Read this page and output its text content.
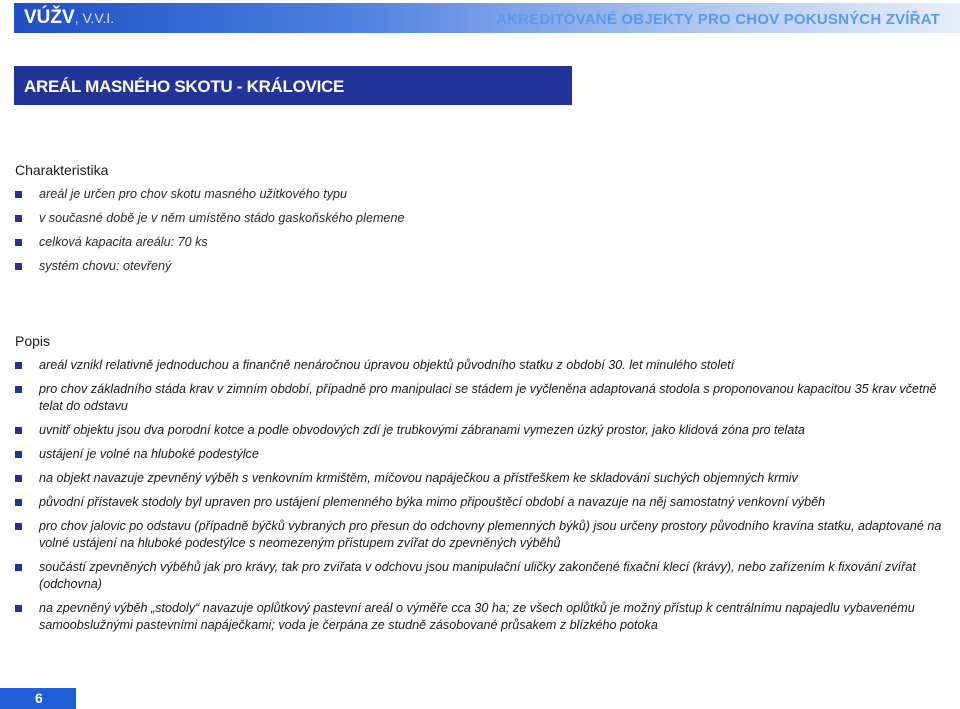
VÚŽV, V.V.I.	AKREDITOVANÉ OBJEKTY PRO CHOV POKUSNÝCH ZVÍŘAT
AREÁL MASNÉHO SKOTU - KRÁLOVICE
Charakteristika
areál je určen pro chov skotu masného užitkového typu
v současné době je v něm umístěno stádo gaskoňského plemene
celková kapacita areálu: 70 ks
systém chovu: otevřený
Popis
areál vznikl relativně jednoduchou a finančně nenáročnou úpravou objektů původního statku z období 30. let minulého století
pro chov základního stáda krav v zimním období, případně pro manipulaci se stádem je vyčleněna adaptovaná stodola s proponovanou kapacitou 35 krav včetně telat do odstavu
uvnitř objektu jsou dva porodní kotce a podle obvodových zdí je trubkovými zábranami vymezen úzký prostor, jako klidová zóna pro telata
ustájení je volné na hluboké podestýlce
na objekt navazuje zpevněný výběh s venkovním krmištěm, míčovou napáječkou a přístřeškem ke skladování suchých objemných krmiv
původní přístavek stodoly byl upraven pro ustájení plemenného býka mimo připouštěcí období a navazuje na něj samostatný venkovní výběh
pro chov jalovic po odstavu (případně býčků vybraných pro přesun do odchovny plemenných býků) jsou určeny prostory původního kravína statku, adaptované na volné ustájení na hluboké podestýlce s neomezeným přístupem zvířat do zpevněných výběhů
součástí zpevněných výběhů jak pro krávy, tak pro zvířata v odchovu jsou manipulační uličky zakončené fixační klecí (krávy), nebo zařízením k fixování zvířat (odchovna)
na zpevněný výběh „stodoly“ navazuje oplůtkový pastevní areál o výměře cca 30 ha; ze všech oplůtků je možný přístup k centrálnímu napajedlu vybavenému samoobslužnými pastevními napáječkami; voda je čerpána ze studně zásobované průsakem z blízkého potoka
6
